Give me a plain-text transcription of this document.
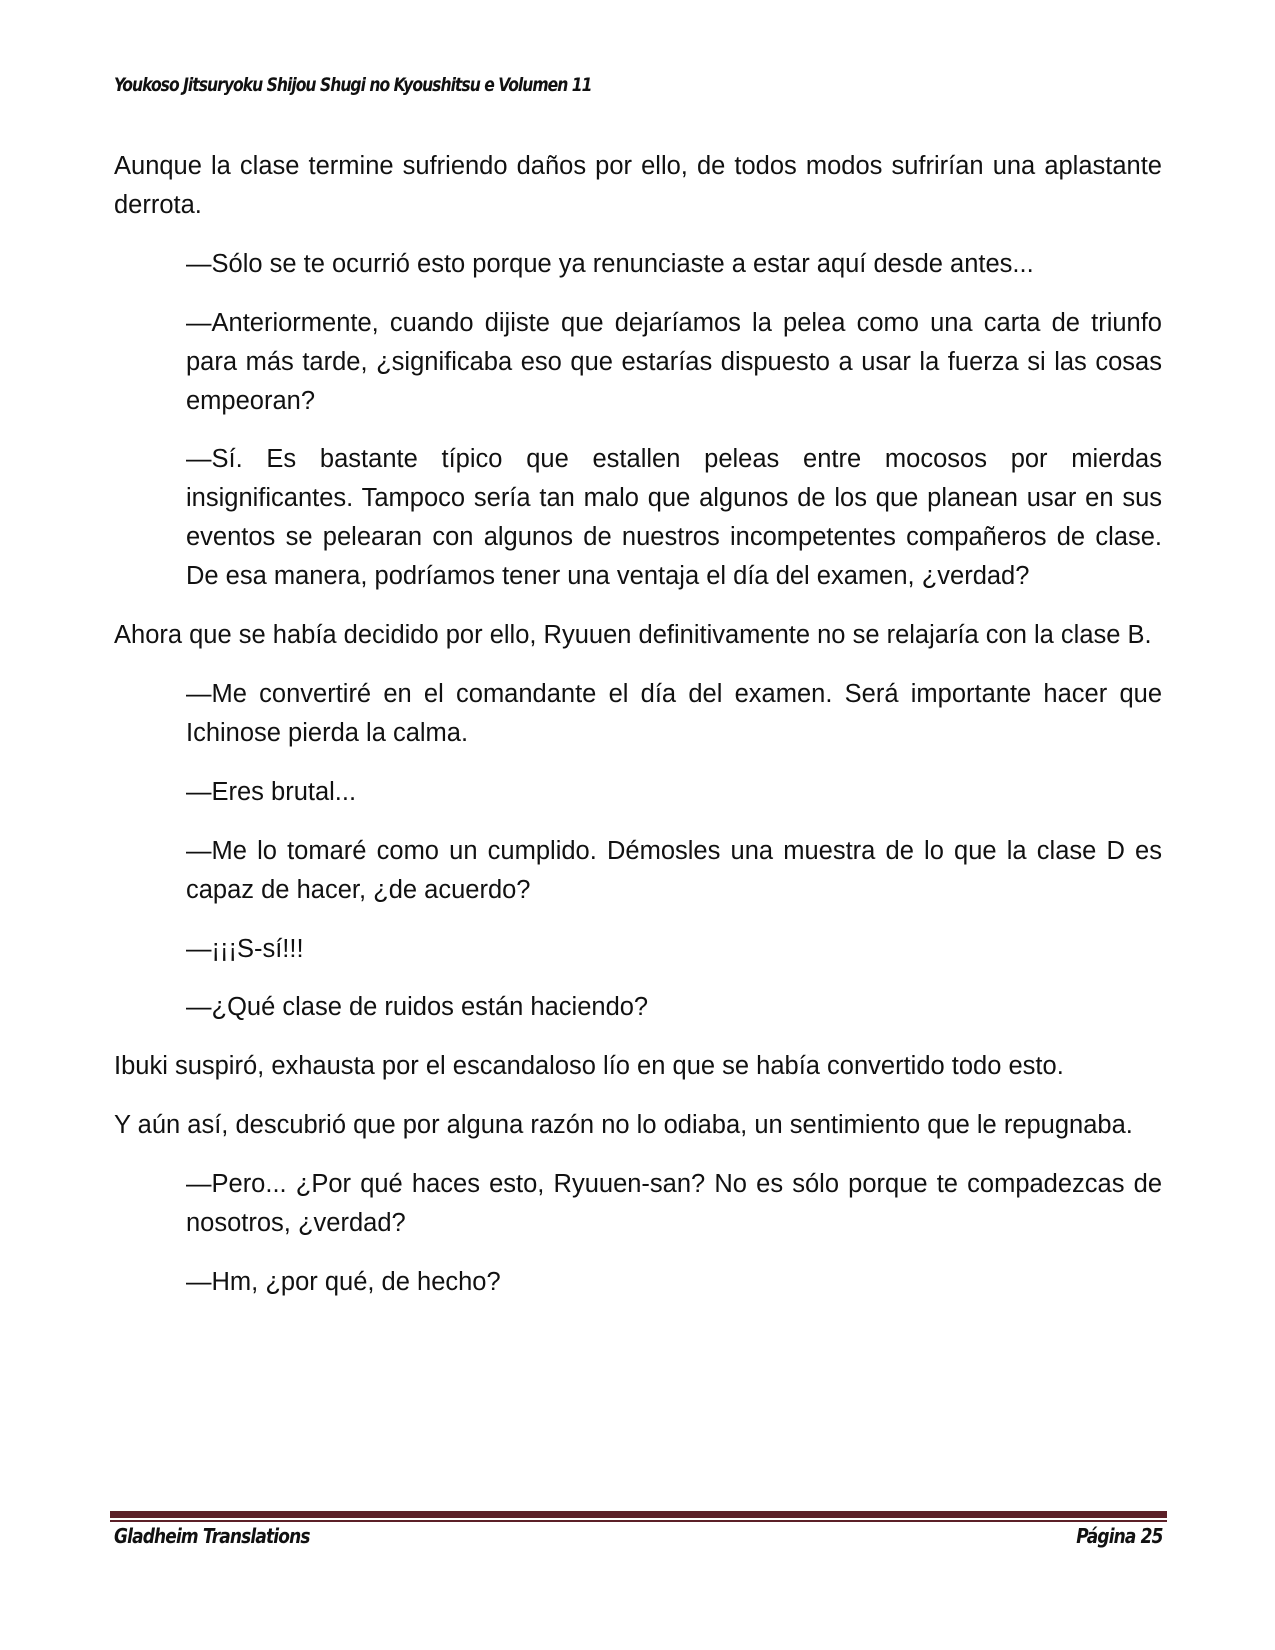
Youkoso Jitsuryoku Shijou Shugi no Kyoushitsu e Volumen 11

Aunque la clase termine sufriendo daños por ello, de todos modos sufrirían una aplastante derrota.

—Sólo se te ocurrió esto porque ya renunciaste a estar aquí desde antes...

—Anteriormente, cuando dijiste que dejaríamos la pelea como una carta de triunfo para más tarde, ¿significaba eso que estarías dispuesto a usar la fuerza si las cosas empeoran?

—Sí. Es bastante típico que estallen peleas entre mocosos por mierdas insignificantes. Tampoco sería tan malo que algunos de los que planean usar en sus eventos se pelearan con algunos de nuestros incompetentes compañeros de clase. De esa manera, podríamos tener una ventaja el día del examen, ¿verdad?

Ahora que se había decidido por ello, Ryuuen definitivamente no se relajaría con la clase B.

—Me convertiré en el comandante el día del examen. Será importante hacer que Ichinose pierda la calma.

—Eres brutal...

—Me lo tomaré como un cumplido. Démosles una muestra de lo que la clase D es capaz de hacer, ¿de acuerdo?

—¡¡¡S-sí!!!

—¿Qué clase de ruidos están haciendo?

Ibuki suspiró, exhausta por el escandaloso lío en que se había convertido todo esto.

Y aún así, descubrió que por alguna razón no lo odiaba, un sentimiento que le repugnaba.

—Pero... ¿Por qué haces esto, Ryuuen-san? No es sólo porque te compadezcas de nosotros, ¿verdad?

—Hm, ¿por qué, de hecho?

Gladheim Translations	Página 25
